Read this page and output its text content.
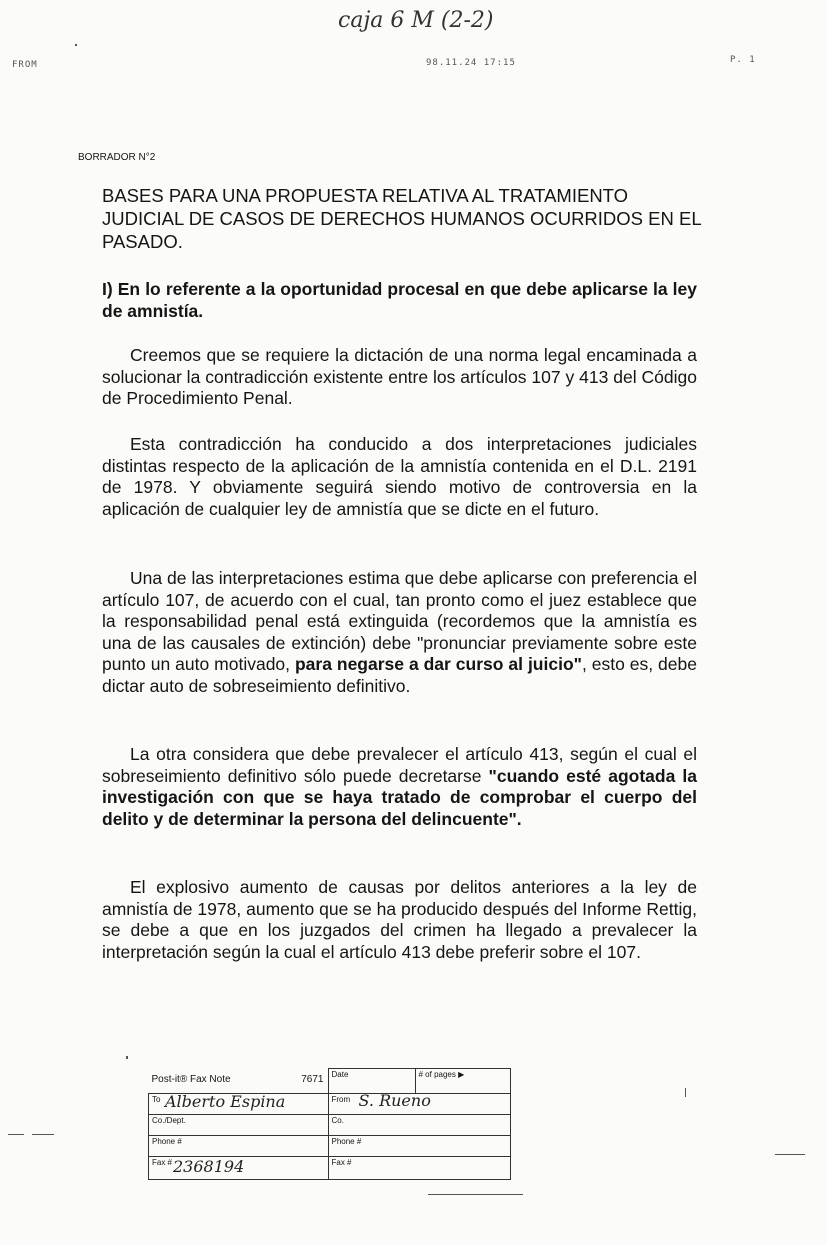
caja 6 M (2-2)
FROM	98.11.24 17:15	P. 1
BORRADOR N°2
BASES PARA UNA PROPUESTA RELATIVA AL TRATAMIENTO JUDICIAL DE CASOS DE DERECHOS HUMANOS OCURRIDOS EN EL PASADO.
I) En lo referente a la oportunidad procesal en que debe aplicarse la ley de amnistía.

Creemos que se requiere la dictación de una norma legal encaminada a solucionar la contradicción existente entre los artículos 107 y 413 del Código de Procedimiento Penal.

Esta contradicción ha conducido a dos interpretaciones judiciales distintas respecto de la aplicación de la amnistía contenida en el D.L. 2191 de 1978. Y obviamente seguirá siendo motivo de controversia en la aplicación de cualquier ley de amnistía que se dicte en el futuro.

Una de las interpretaciones estima que debe aplicarse con preferencia el artículo 107, de acuerdo con el cual, tan pronto como el juez establece que la responsabilidad penal está extinguida (recordemos que la amnistía es una de las causales de extinción) debe "pronunciar previamente sobre este punto un auto motivado, para negarse a dar curso al juicio", esto es, debe dictar auto de sobreseimiento definitivo.

La otra considera que debe prevalecer el artículo 413, según el cual el sobreseimiento definitivo sólo puede decretarse "cuando esté agotada la investigación con que se haya tratado de comprobar el cuerpo del delito y de determinar la persona del delincuente".

El explosivo aumento de causas por delitos anteriores a la ley de amnistía de 1978, aumento que se ha producido después del Informe Rettig, se debe a que en los juzgados del crimen ha llegado a prevalecer la interpretación según la cual el artículo 413 debe preferir sobre el 107.

Post-it® Fax Note 7671	Date	# of pages ▶
To Alberto Espina	From S. Rueno	

Co./Dept.	Co.	
Phone #	Phone #	
Fax # 2368194	Fax #	
